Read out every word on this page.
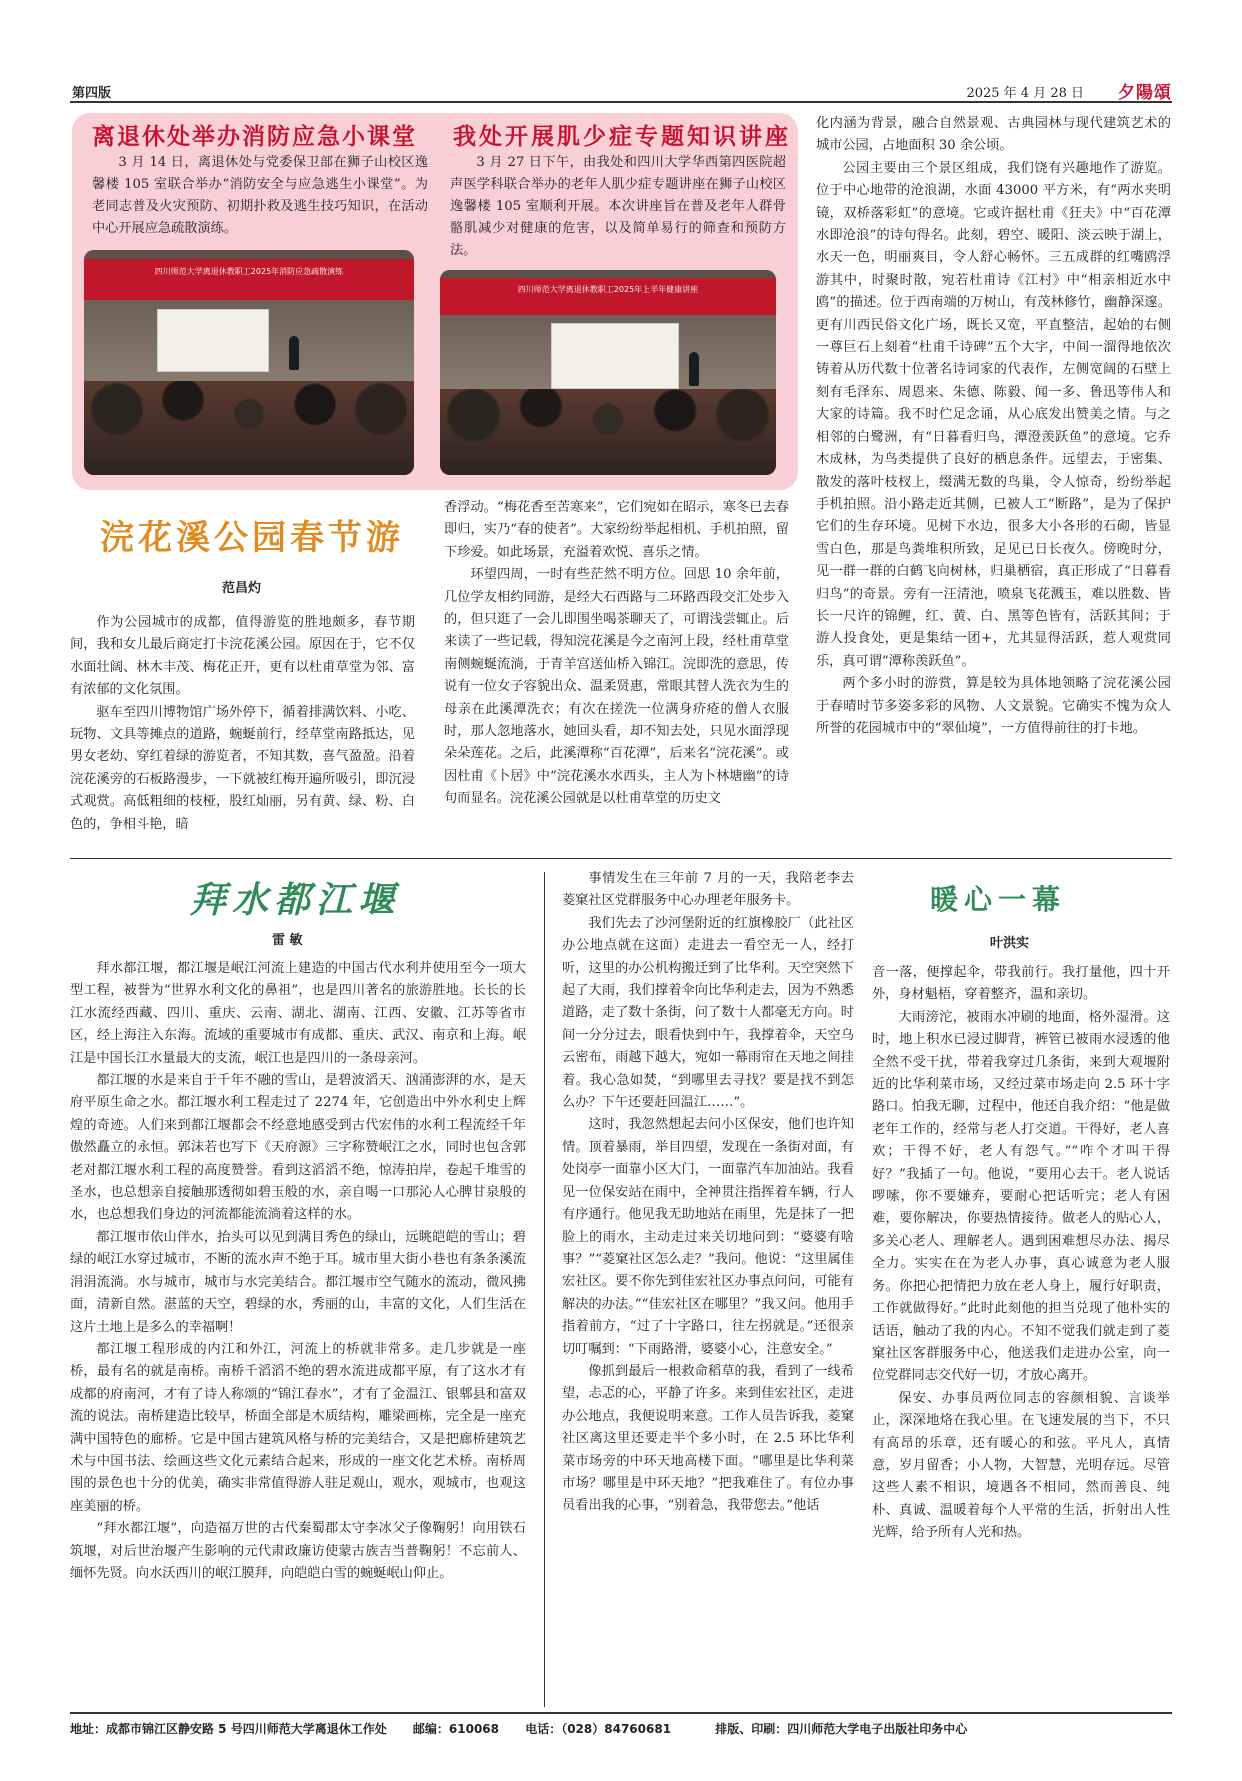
第四版	2025 年 4 月 28 日 夕陽頌
离退休处举办消防应急小课堂
3 月 14 日，离退休处与党委保卫部在狮子山校区逸馨楼 105 室联合举办“消防安全与应急逃生小课堂”。为老同志普及火灾预防、初期扑救及逃生技巧知识，在活动中心开展应急疏散演练。
四川师范大学离退休教职工2025年消防应急疏散演练
我处开展肌少症专题知识讲座
3 月 27 日下午，由我处和四川大学华西第四医院超声医学科联合举办的老年人肌少症专题讲座在狮子山校区逸馨楼 105 室顺利开展。本次讲座旨在普及老年人群骨骼肌减少对健康的危害，以及简单易行的筛查和预防方法。
四川师范大学离退休教职工2025年上半年健康讲座
浣花溪公园春节游
范昌灼

作为公园城市的成都，值得游览的胜地颇多，春节期间，我和女儿最后商定打卡浣花溪公园。原因在于，它不仅水面壮阔、林木丰茂、梅花正开，更有以杜甫草堂为邻、富有浓郁的文化氛围。

驱车至四川博物馆广场外停下，循着排满饮料、小吃、玩物、文具等摊点的道路，蜿蜒前行，经草堂南路抵达，见男女老幼、穿红着绿的游览者，不知其数，喜气盈盈。沿着浣花溪旁的石板路漫步，一下就被红梅开遍所吸引，即沉浸式观赏。高低粗细的枝桠，股红灿丽，另有黄、绿、粉、白色的，争相斗艳，暗

香浮动。“梅花香至苦寒来”，它们宛如在昭示，寒冬已去春即归，实乃“春的使者”。大家纷纷举起相机、手机拍照，留下珍爱。如此场景，充溢着欢悦、喜乐之情。

环望四周，一时有些茫然不明方位。回思 10 余年前，几位学友相约同游，是经大石西路与二环路西段交汇处步入的，但只逛了一会儿即围坐喝茶聊天了，可谓浅尝辄止。后来读了一些记载，得知浣花溪是今之南河上段，经杜甫草堂南侧蜿蜒流淌，于青羊宫送仙桥入锦江。浣即洗的意思，传说有一位女子容貌出众、温柔贤惠，常眼其替人洗衣为生的母亲在此溪潭洗衣；有次在搓洗一位满身疥疮的僧人衣服时，那人忽地落水，她回头看，却不知去处，只见水面浮现朵朵莲花。之后，此溪潭称“百花潭”，后来名“浣花溪”。或因杜甫《卜居》中“浣花溪水水西头，主人为卜林塘幽”的诗句而显名。浣花溪公园就是以杜甫草堂的历史文

化内涵为背景，融合自然景观、古典园林与现代建筑艺术的城市公园，占地面积 30 余公顷。

公园主要由三个景区组成，我们饶有兴趣地作了游览。位于中心地带的沧浪湖，水面 43000 平方米，有“两水夹明镜，双桥落彩虹”的意境。它或许据杜甫《狂夫》中“百花潭水即沧浪”的诗句得名。此刻，碧空、暖阳、淡云映于湖上，水天一色，明丽爽目，令人舒心畅怀。三五成群的红嘴鸥浮游其中，时聚时散，宛若杜甫诗《江村》中“相亲相近水中鸥”的描述。位于西南端的万树山，有茂林修竹，幽静深邃。更有川西民俗文化广场，既长又宽，平直整洁，起始的右侧一尊巨石上刻着“杜甫千诗碑”五个大字，中间一溜得地依次铸着从历代数十位著名诗词家的代表作，左侧宽阔的石壁上刻有毛泽东、周恩来、朱德、陈毅、闻一多、鲁迅等伟人和大家的诗篇。我不时伫足念诵，从心底发出赞美之情。与之相邻的白鹭洲，有“日暮看归鸟，潭澄羡跃鱼”的意境。它乔木成林，为鸟类提供了良好的栖息条件。远望去，于密集、散发的落叶枝杈上，缀满无数的鸟巢，令人惊奇，纷纷举起手机拍照。沿小路走近其侧，已被人工“断路”，是为了保护它们的生存环境。见树下水边，很多大小各形的石砌，皆显雪白色，那是鸟粪堆积所致，足见已日长夜久。傍晚时分，见一群一群的白鹤飞向树林，归巢栖宿，真正形成了“日暮看归鸟”的奇景。旁有一汪清池，喷泉飞花溅玉，难以胜数、皆长一尺许的锦鲤，红、黄、白、黑等色皆有，活跃其间；于游人投食处，更是集结一团+，尤其显得活跃，惹人观赏同乐，真可谓“潭称羡跃鱼”。

两个多小时的游赏，算是较为具体地领略了浣花溪公园于春晴时节多姿多彩的风物、人文景貌。它确实不愧为众人所誉的花园城市中的“翠仙境”，一方值得前往的打卡地。

拜水都江堰
雷 敏

拜水都江堰，都江堰是岷江河流上建造的中国古代水利并使用至今一项大型工程，被誉为“世界水利文化的鼻祖”，也是四川著名的旅游胜地。长长的长江水流经西藏、四川、重庆、云南、湖北、湖南、江西、安徽、江苏等省市区，经上海注入东海。流域的重要城市有成都、重庆、武汉、南京和上海。岷江是中国长江水量最大的支流，岷江也是四川的一条母亲河。

都江堰的水是来自于千年不融的雪山，是碧波滔天、汹涌澎湃的水，是天府平原生命之水。都江堰水利工程走过了 2274 年，它创造出中外水利史上辉煌的奇迹。人们来到都江堰都会不经意地感受到古代宏伟的水利工程流经千年傲然矗立的永恒。郭沫若也写下《天府源》三字称赞岷江之水，同时也包含郭老对都江堰水利工程的高度赞誉。看到这滔滔不绝，惊涛拍岸，卷起千堆雪的圣水，也总想亲自接触那透彻如碧玉般的水，亲自喝一口那沁人心脾甘泉般的水，也总想我们身边的河流都能流淌着这样的水。

都江堰市依山伴水，抬头可以见到满目秀色的绿山，远眺皑皑的雪山；碧绿的岷江水穿过城市，不断的流水声不绝于耳。城市里大街小巷也有条条溪流涓涓流淌。水与城市，城市与水完美结合。都江堰市空气随水的流动，微风拂面，清新自然。湛蓝的天空，碧绿的水，秀丽的山，丰富的文化，人们生活在这片土地上是多么的幸福啊！

都江堰工程形成的内江和外江，河流上的桥就非常多。走几步就是一座桥，最有名的就是南桥。南桥千滔滔不绝的碧水流进成都平原，有了这水才有成都的府南河，才有了诗人称颂的“锦江春水”，才有了金温江、银郫县和富双流的说法。南桥建造比较早，桥面全部是木质结构，雕梁画栋，完全是一座充满中国特色的廊桥。它是中国古建筑风格与桥的完美结合，又是把廊桥建筑艺术与中国书法、绘画这些文化元素结合起来，形成的一座文化艺术桥。南桥周围的景色也十分的优美，确实非常值得游人驻足观山，观水，观城市，也观这座美丽的桥。

“拜水都江堰”，向造福万世的古代秦蜀郡太守李冰父子像鞠躬！向用铁石筑堰，对后世治堰产生影响的元代肃政廉访使蒙古族吉当普鞠躬！不忘前人、缅怀先贤。向水沃西川的岷江膜拜，向皑皑白雪的蜿蜒岷山仰止。

事情发生在三年前 7 月的一天，我陪老李去菱窠社区党群服务中心办理老年服务卡。

我们先去了沙河堡附近的红旗橡胶厂（此社区办公地点就在这面）走进去一看空无一人，经打听，这里的办公机构搬迁到了比华利。天空突然下起了大雨，我们撑着伞向比华利走去，因为不熟悉道路，走了数十条街，问了数十人都毫无方向。时间一分分过去，眼看快到中午，我撑着伞，天空乌云密布，雨越下越大，宛如一幕雨帘在天地之间挂着。我心急如焚，“到哪里去寻找？要是找不到怎么办？下午还要赶回温江……”。

这时，我忽然想起去问小区保安，他们也许知情。顶着暴雨，举目四望，发现在一条街对面，有处岗亭一面靠小区大门，一面靠汽车加油站。我看见一位保安站在雨中，全神贯注指挥着车辆，行人有序通行。他见我无助地站在雨里，先是抹了一把脸上的雨水，主动走过来关切地问到：“婆婆有啥事？”“菱窠社区怎么走？”我问。他说：“这里属佳宏社区。要不你先到佳宏社区办事点问问，可能有解决的办法。”“佳宏社区在哪里？”我又问。他用手指着前方，“过了十字路口，往左拐就是。”还很亲切叮嘱到：“下雨路滑，婆婆小心，注意安全。”

像抓到最后一根救命稻草的我，看到了一线希望，忐忑的心，平静了许多。来到佳宏社区，走进办公地点，我便说明来意。工作人员告诉我，菱窠社区离这里还要走半个多小时，在 2.5 环比华利菜市场旁的中环天地高楼下面。“哪里是比华利菜市场？哪里是中环天地？”把我难住了。有位办事员看出我的心事，“别着急，我带您去。”他话

暖心一幕
叶洪实

音一落，便撑起伞，带我前行。我打量他，四十开外，身材魁梧，穿着整齐，温和亲切。

大雨滂沱，被雨水冲刷的地面，格外湿滑。这时，地上积水已浸过脚背，裤管已被雨水浸透的他全然不受干扰，带着我穿过几条街，来到大观堰附近的比华利菜市场，又经过菜市场走向 2.5 环十字路口。怕我无聊，过程中，他还自我介绍：“他是做老年工作的，经常与老人打交道。干得好，老人喜欢；干得不好，老人有怨气。”“咋个才叫干得好？”我插了一句。他说，“要用心去干。老人说话啰嗦，你不要嫌弃，要耐心把话听完；老人有困难，要你解决，你要热情接待。做老人的贴心人，多关心老人、理解老人。遇到困难想尽办法、揭尽全力。实实在在为老人办事，真心诚意为老人服务。你把心把情把力放在老人身上，履行好职责，工作就做得好。”此时此刻他的担当兑现了他朴实的话语，触动了我的内心。不知不觉我们就走到了菱窠社区客群服务中心，他送我们走进办公室，向一位党群同志交代好一切，才放心离开。

保安、办事员两位同志的容颜相貌、言谈举止，深深地烙在我心里。在飞速发展的当下，不只有高昂的乐章，还有暖心的和弦。平凡人，真情意，岁月留香；小人物，大智慧，光明存远。尽管这些人素不相识，境遇各不相同，然而善良、纯朴、真诚、温暖着每个人平常的生活，折射出人性光辉，给予所有人光和热。

地址：成都市锦江区静安路 5 号四川师范大学离退休工作处 邮编：610068 电话：（028）84760681	排版、印刷：四川师范大学电子出版社印务中心
